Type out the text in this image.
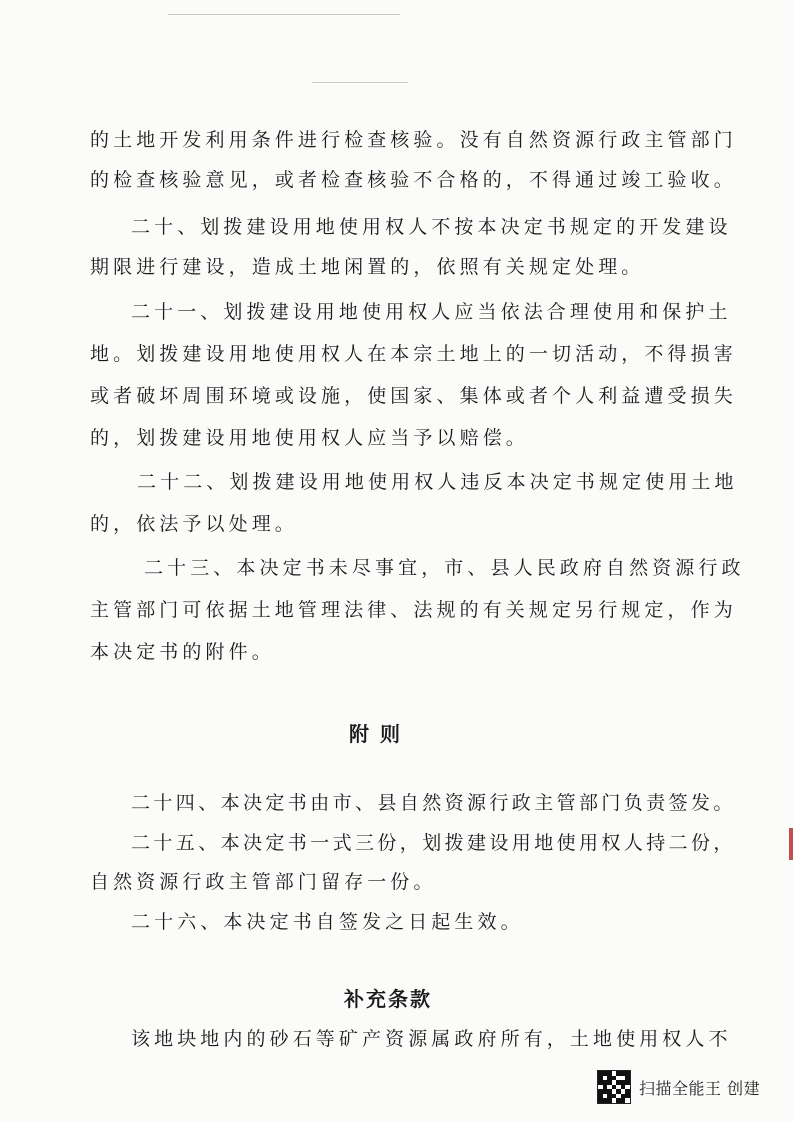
的土地开发利用条件进行检查核验。没有自然资源行政主管部门
的检查核验意见，或者检查核验不合格的，不得通过竣工验收。
二十、划拨建设用地使用权人不按本决定书规定的开发建设
期限进行建设，造成土地闲置的，依照有关规定处理。
二十一、划拨建设用地使用权人应当依法合理使用和保护土
地。划拨建设用地使用权人在本宗土地上的一切活动，不得损害
或者破坏周围环境或设施，使国家、集体或者个人利益遭受损失
的，划拨建设用地使用权人应当予以赔偿。
二十二、划拨建设用地使用权人违反本决定书规定使用土地
的，依法予以处理。
二十三、本决定书未尽事宜，市、县人民政府自然资源行政
主管部门可依据土地管理法律、法规的有关规定另行规定，作为
本决定书的附件。
附 则
二十四、本决定书由市、县自然资源行政主管部门负责签发。
二十五、本决定书一式三份，划拨建设用地使用权人持二份，
自然资源行政主管部门留存一份。
二十六、本决定书自签发之日起生效。
补充条款
该地块地内的砂石等矿产资源属政府所有，土地使用权人不
扫描全能王 创建
